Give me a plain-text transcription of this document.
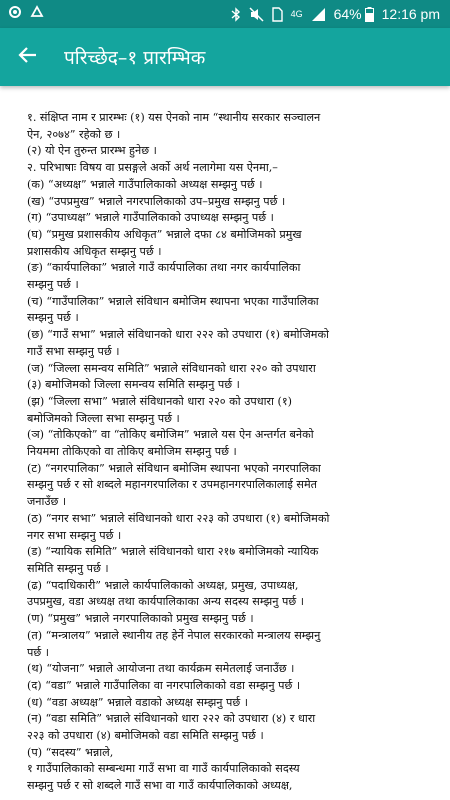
4G 64% 12:16 pm
परिच्छेद–१ प्रारम्भिक
१. संक्षिप्त नाम र प्रारम्भः (१) यस ऐनको नाम “स्थानीय सरकार सञ्चालन
ऐन, २०७४” रहेको छ ।
(२) यो ऐन तुरुन्त प्रारम्भ हुनेछ ।
२. परिभाषाः विषय वा प्रसङ्गले अर्को अर्थ नलागेमा यस ऐनमा,–
(क) “अध्यक्ष” भन्नाले गाउँपालिकाको अध्यक्ष सम्झनु पर्छ ।
(ख) “उपप्रमुख” भन्नाले नगरपालिकाको उप–प्रमुख सम्झनु पर्छ ।
(ग) “उपाध्यक्ष” भन्नाले गाउँपालिकाको उपाध्यक्ष सम्झनु पर्छ ।
(घ) “प्रमुख प्रशासकीय अधिकृत” भन्नाले दफा ८४ बमोजिमको प्रमुख
प्रशासकीय अधिकृत सम्झनु पर्छ ।
(ङ) “कार्यपालिका” भन्नाले गाउँ कार्यपालिका तथा नगर कार्यपालिका
सम्झनु पर्छ ।
(च) “गाउँपालिका” भन्नाले संविधान बमोजिम स्थापना भएका गाउँपालिका
सम्झनु पर्छ ।
(छ) “गाउँ सभा” भन्नाले संविधानको धारा २२२ को उपधारा (१) बमोजिमको
गाउँ सभा सम्झनु पर्छ ।
(ज) “जिल्ला समन्वय समिति” भन्नाले संविधानको धारा २२० को उपधारा
(३) बमोजिमको जिल्ला समन्वय समिति सम्झनु पर्छ ।
(झ) “जिल्ला सभा” भन्नाले संविधानको धारा २२० को उपधारा (१)
बमोजिमको जिल्ला सभा सम्झनु पर्छ ।
(ञ) “तोकिएको” वा “तोकिए बमोजिम” भन्नाले यस ऐन अन्तर्गत बनेको
नियममा तोकिएको वा तोकिए बमोजिम सम्झनु पर्छ ।
(ट) “नगरपालिका” भन्नाले संविधान बमोजिम स्थापना भएको नगरपालिका
सम्झनु पर्छ र सो शब्दले महानगरपालिका र उपमहानगरपालिकालाई समेत
जनाउँछ ।
(ठ) “नगर सभा” भन्नाले संविधानको धारा २२३ को उपधारा (१) बमोजिमको
नगर सभा सम्झनु पर्छ ।
(ड) “न्यायिक समिति” भन्नाले संविधानको धारा २१७ बमोजिमको न्यायिक
समिति सम्झनु पर्छ ।
(ढ) “पदाधिकारी” भन्नाले कार्यपालिकाको अध्यक्ष, प्रमुख, उपाध्यक्ष,
उपप्रमुख, वडा अध्यक्ष तथा कार्यपालिकाका अन्य सदस्य सम्झनु पर्छ ।
(ण) “प्रमुख” भन्नाले नगरपालिकाको प्रमुख सम्झनु पर्छ ।
(त) “मन्त्रालय” भन्नाले स्थानीय तह हेर्ने नेपाल सरकारको मन्त्रालय सम्झनु
पर्छ ।
(थ) “योजना” भन्नाले आयोजना तथा कार्यक्रम समेतलाई जनाउँछ ।
(द) “वडा” भन्नाले गाउँपालिका वा नगरपालिकाको वडा सम्झनु पर्छ ।
(ध) “वडा अध्यक्ष” भन्नाले वडाको अध्यक्ष सम्झनु पर्छ ।
(न) “वडा समिति” भन्नाले संविधानको धारा २२२ को उपधारा (४) र धारा
२२३ को उपधारा (४) बमोजिमको वडा समिति सम्झनु पर्छ ।
(प) “सदस्य” भन्नाले,
१ गाउँपालिकाको सम्बन्धमा गाउँ सभा वा गाउँ कार्यपालिकाको सदस्य
सम्झनु पर्छ र सो शब्दले गाउँ सभा वा गाउँ कार्यपालिकाको अध्यक्ष,
